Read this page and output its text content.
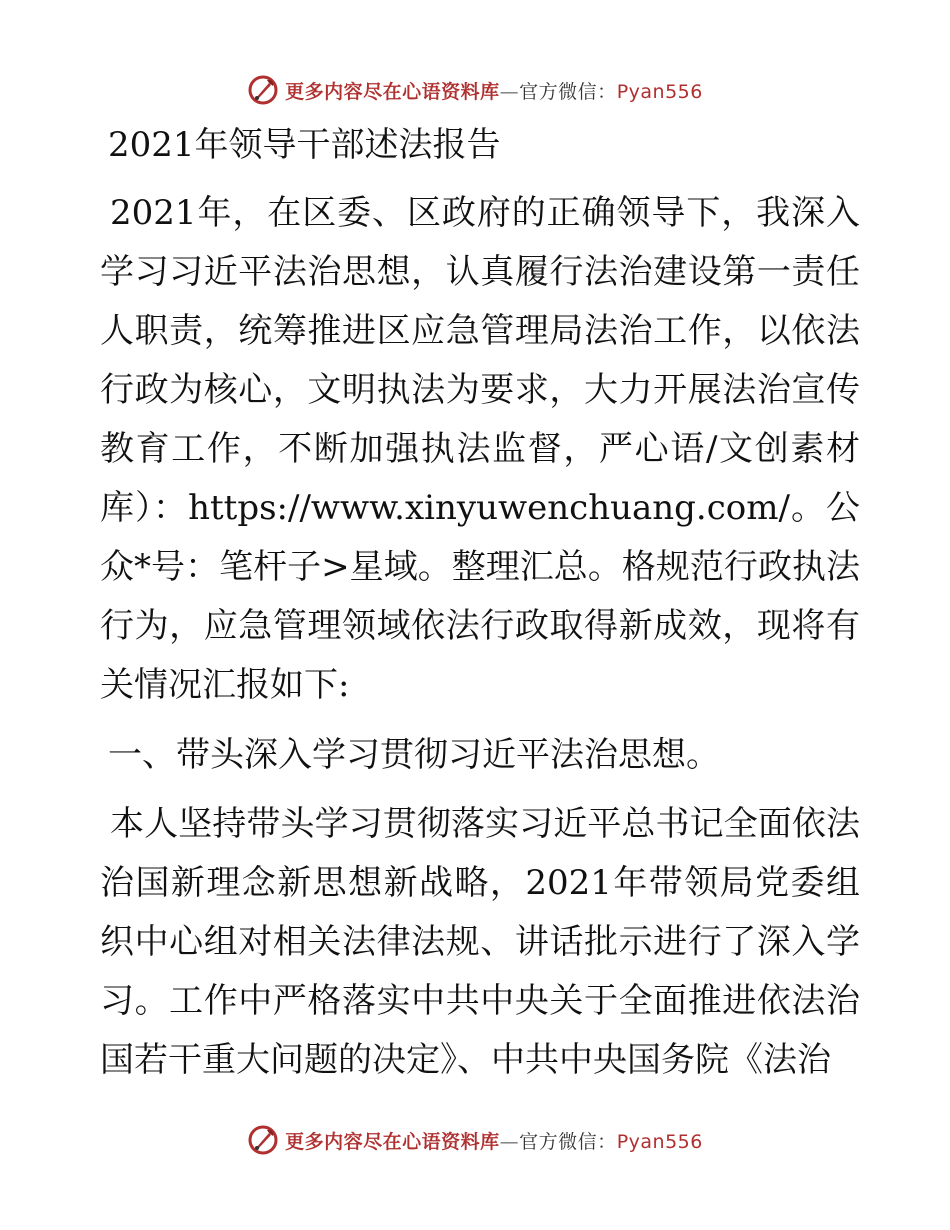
更多内容尽在心语资料库—官方微信：Pyan556
2021年领导干部述法报告

2021年，在区委、区政府的正确领导下，我深入学习习近平法治思想，认真履行法治建设第一责任人职责，统筹推进区应急管理局法治工作，以依法行政为核心，文明执法为要求，大力开展法治宣传教育工作，不断加强执法监督，严心语/文创素材库）：https://www.xinyuwenchuang.com/。公众*号：笔杆子>星域。整理汇总。格规范行政执法行为，应急管理领域依法行政取得新成效，现将有关情况汇报如下:

一、带头深入学习贯彻习近平法治思想。

本人坚持带头学习贯彻落实习近平总书记全面依法治国新理念新思想新战略，2021年带领局党委组织中心组对相关法律法规、讲话批示进行了深入学习。工作中严格落实中共中央关于全面推进依法治国若干重大问题的决定》、中共中央国务院《法治

更多内容尽在心语资料库—官方微信：Pyan556
